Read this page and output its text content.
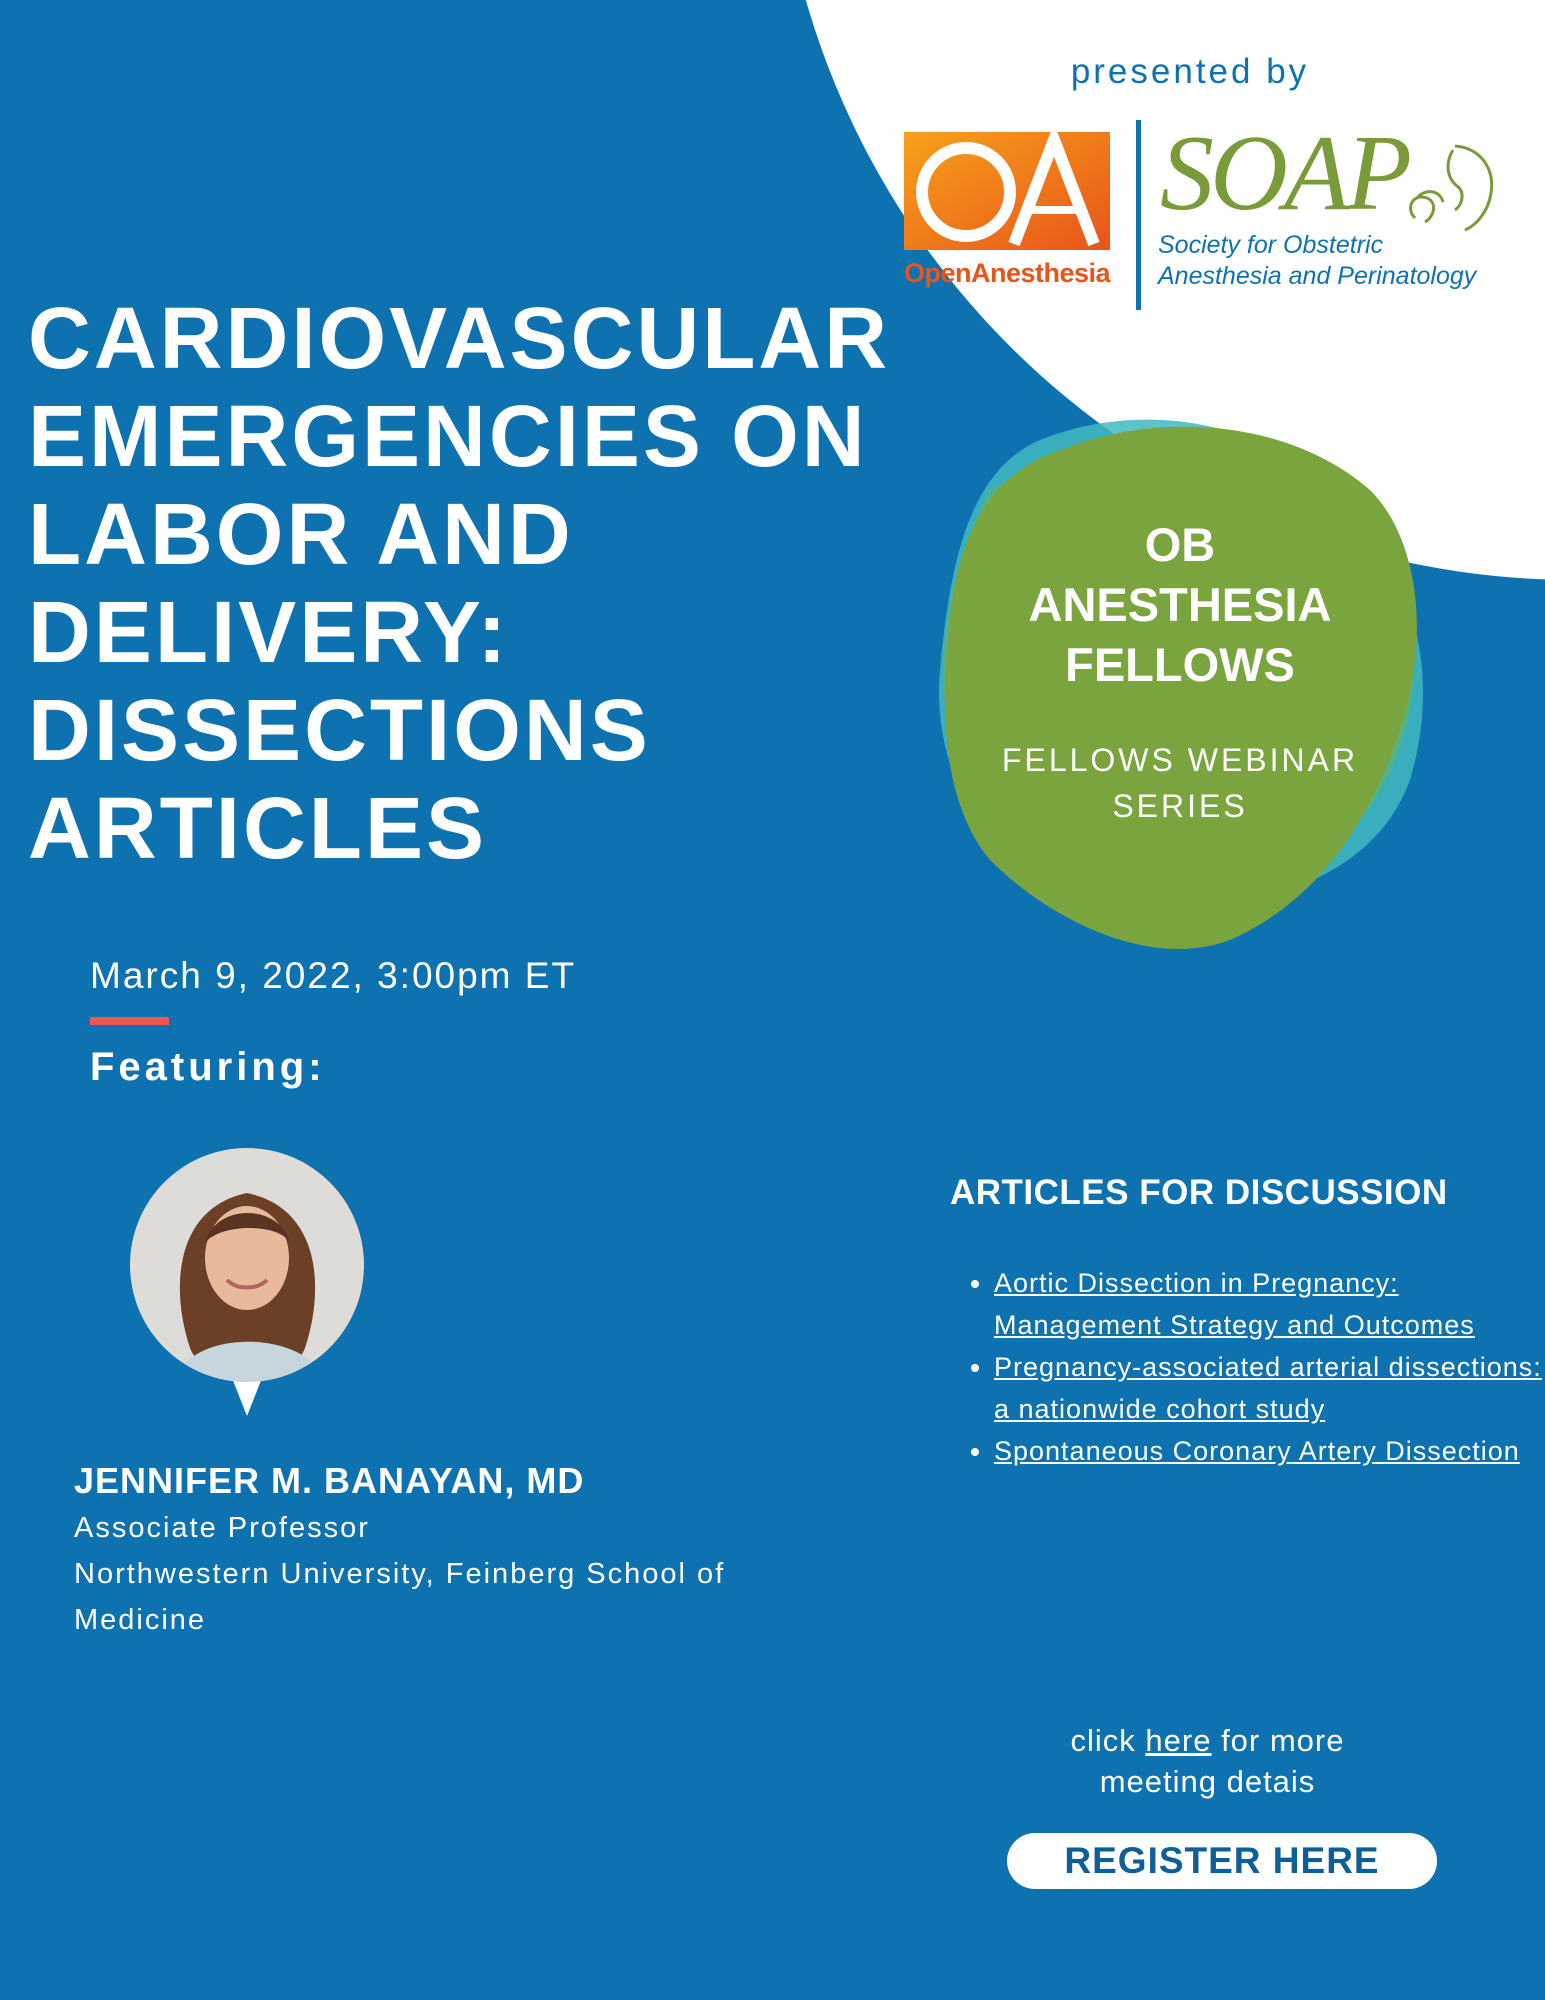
presented by
OpenAnesthesia
SOAP
Society for Obstetric
Anesthesia and Perinatology
CARDIOVASCULAR
EMERGENCIES ON
LABOR AND
DELIVERY:
DISSECTIONS
ARTICLES
OB
ANESTHESIA
FELLOWS
FELLOWS WEBINAR
SERIES
March 9, 2022, 3:00pm ET
Featuring:
JENNIFER M. BANAYAN, MD
Associate Professor
Northwestern University, Feinberg School of
Medicine
ARTICLES FOR DISCUSSION
• Aortic Dissection in Pregnancy: Management Strategy and Outcomes
• Pregnancy-associated arterial dissections: a nationwide cohort study
• Spontaneous Coronary Artery Dissection
click here for more meeting detais
REGISTER HERE
